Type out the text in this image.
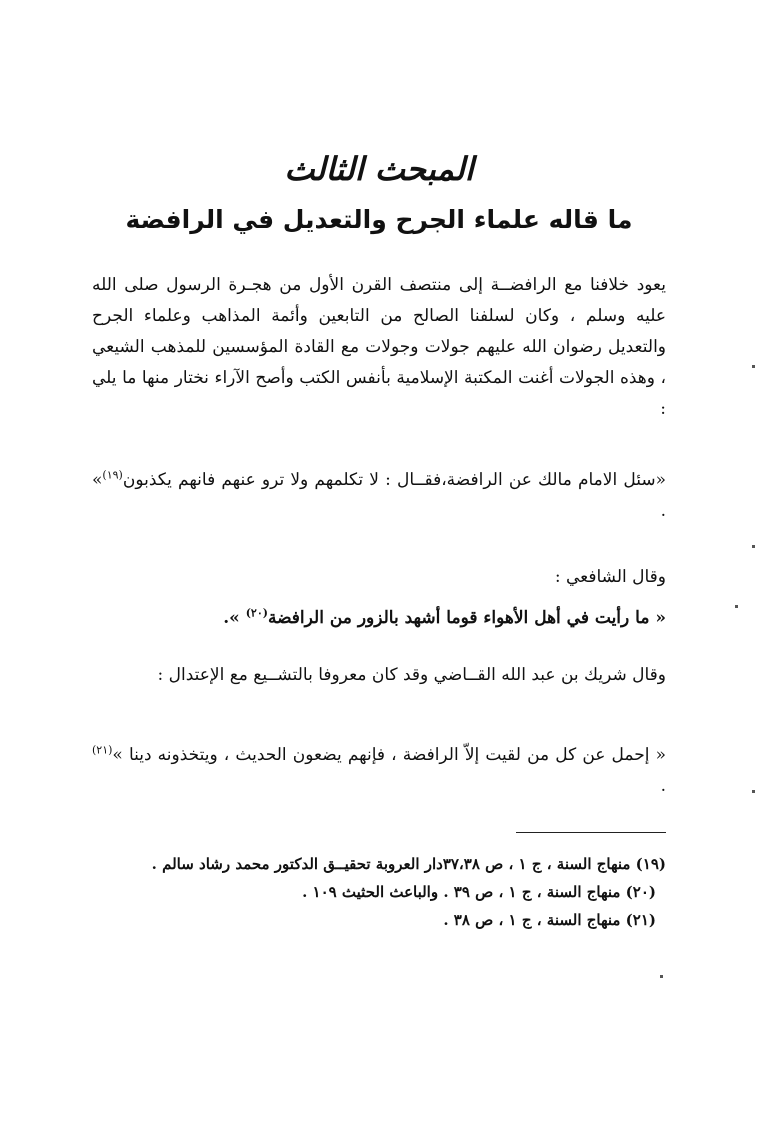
المبحث الثالث
ما قاله علماء الجرح والتعديل في الرافضة
يعود خلافنا مع الرافضــة إلى منتصف القرن الأول من هجـرة الرسول صلى الله عليه وسلم ، وكان لسلفنا الصالح من التابعين وأئمة المذاهب وعلماء الجرح والتعديل رضوان الله عليهم جولات وجولات مع القادة المؤسسين للمذهب الشيعي ، وهذه الجولات أغنت المكتبة الإسلامية بأنفس الكتب وأصح الآراء نختار منها ما يلي :
«سئل الامام مالك عن الرافضة،فقــال : لا تكلمهم ولا ترو عنهم فانهم يكذبون$^{(١٩)}$» .
وقال الشافعي :
« ما رأيت في أهل الأهواء قوما أشهد بالزور من الرافضة$^{(٢٠)}$ ».
وقال شريك بن عبد الله القــاضي وقد كان معروفا بالتشــيع مع الإعتدال :
« إحمل عن كل من لقيت إلاّ الرافضة ، فإنهم يضعون الحديث ، ويتخذونه دينا »$^{(٢١)}$ .
(١٩) منهاج السنة ، ج ١ ، ص ٣٧،٣٨دار العروبة تحقيــق الدكتور محمد رشاد سالم .
(٢٠) منهاج السنة ، ج ١ ، ص ٣٩ . والباعث الحثيث ١٠٩ .
(٢١) منهاج السنة ، ج ١ ، ص ٣٨ .
